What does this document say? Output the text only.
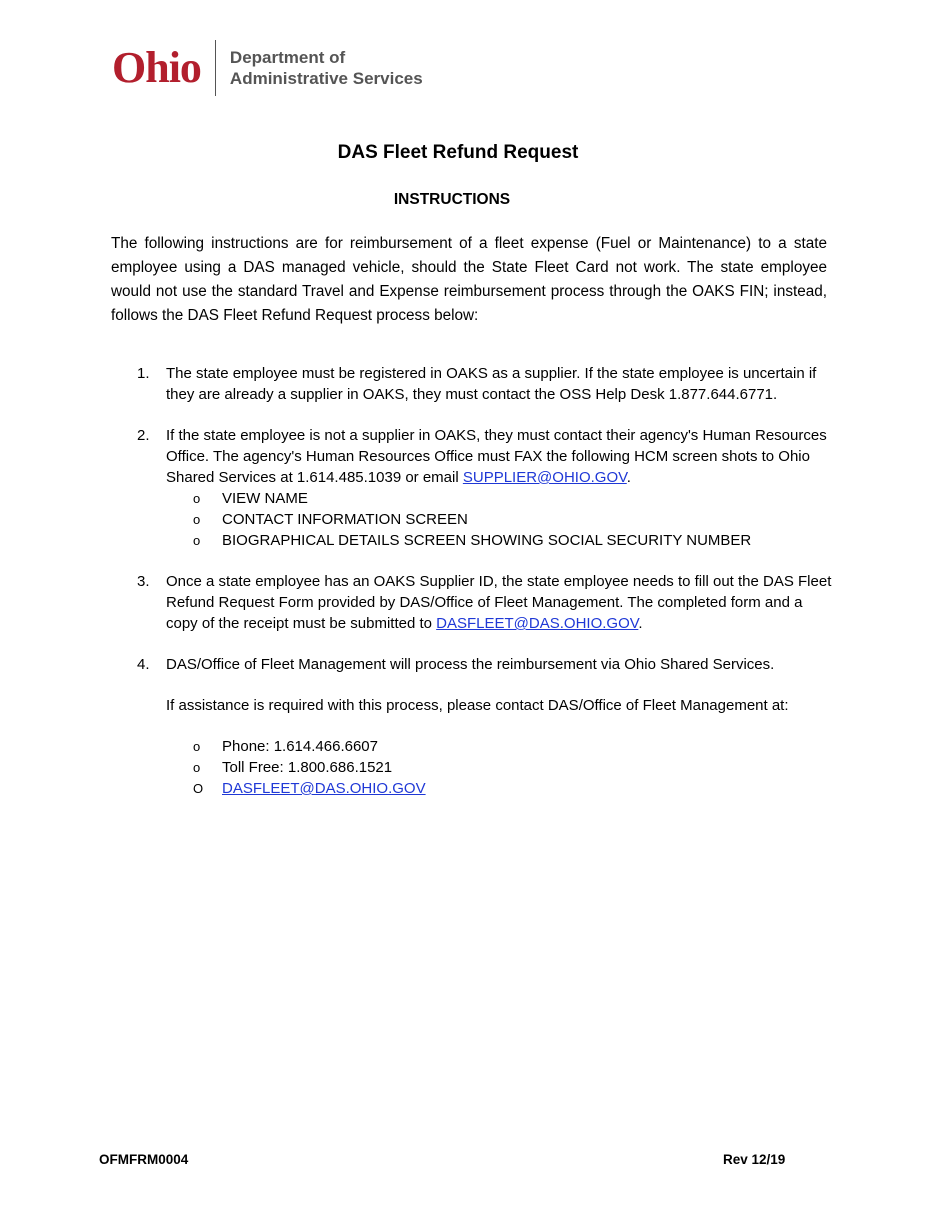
Ohio Department of
Administrative Services
DAS Fleet Refund Request
INSTRUCTIONS

The following instructions are for reimbursement of a fleet expense (Fuel or Maintenance) to a state employee using a DAS managed vehicle, should the State Fleet Card not work. The state employee would not use the standard Travel and Expense reimbursement process through the OAKS FIN; instead, follows the DAS Fleet Refund Request process below:

1.	The state employee must be registered in OAKS as a supplier. If the state employee is uncertain if they are already a supplier in OAKS, they must contact the OSS Help Desk 1.877.644.6771.
2.	If the state employee is not a supplier in OAKS, they must contact their agency's Human Resources Office. The agency's Human Resources Office must FAX the following HCM screen shots to Ohio Shared Services at 1.614.485.1039 or email SUPPLIER@OHIO.GOV.
o	VIEW NAME
o	CONTACT INFORMATION SCREEN
o	BIOGRAPHICAL DETAILS SCREEN SHOWING SOCIAL SECURITY NUMBER
3.	Once a state employee has an OAKS Supplier ID, the state employee needs to fill out the DAS Fleet Refund Request Form provided by DAS/Office of Fleet Management. The completed form and a copy of the receipt must be submitted to DASFLEET@DAS.OHIO.GOV.
4.	DAS/Office of Fleet Management will process the reimbursement via Ohio Shared Services.
If assistance is required with this process, please contact DAS/Office of Fleet Management at:
o	Phone: 1.614.466.6607
o	Toll Free: 1.800.686.1521
O	DASFLEET@DAS.OHIO.GOV
OFMFRM0004	Rev 12/19
